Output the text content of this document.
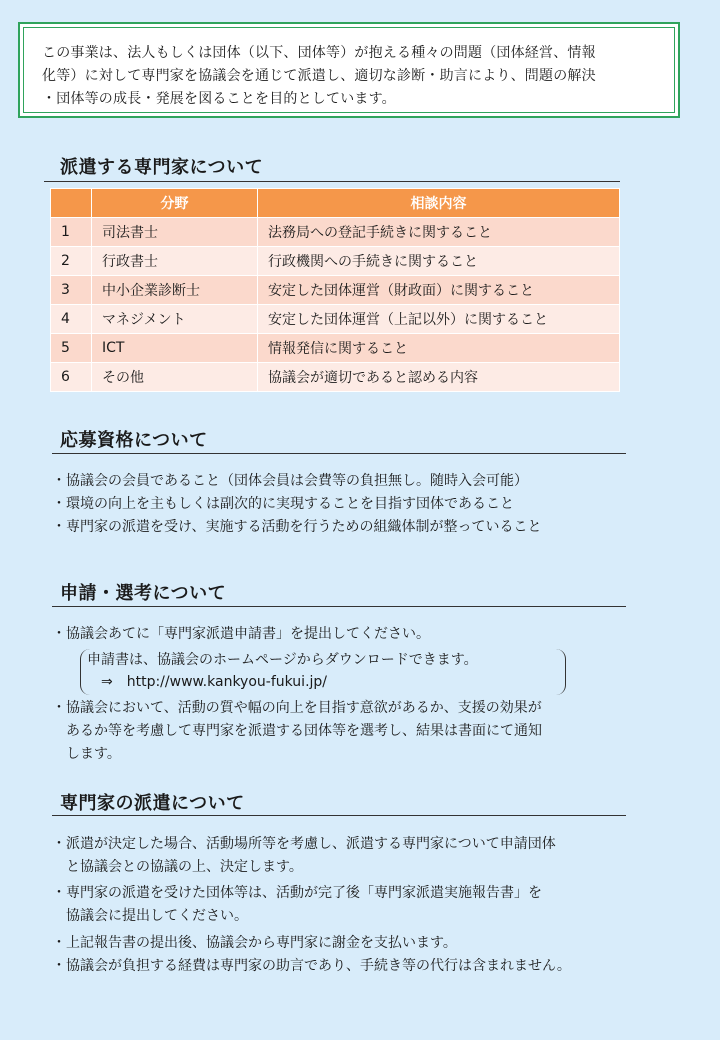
この事業は、法人もしくは団体（以下、団体等）が抱える種々の問題（団体経営、情報
化等）に対して専門家を協議会を通じて派遣し、適切な診断・助言により、問題の解決
・団体等の成長・発展を図ることを目的としています。
派遣する専門家について
	分野	相談内容
1	司法書士	法務局への登記手続きに関すること
2	行政書士	行政機関への手続きに関すること
3	中小企業診断士	安定した団体運営（財政面）に関すること
4	マネジメント	安定した団体運営（上記以外）に関すること
5	ICT	情報発信に関すること
6	その他	協議会が適切であると認める内容
応募資格について
・協議会の会員であること（団体会員は会費等の負担無し。随時入会可能）
・環境の向上を主もしくは副次的に実現することを目指す団体であること
・専門家の派遣を受け、実施する活動を行うための組織体制が整っていること
申請・選考について
・協議会あてに「専門家派遣申請書」を提出してください。
申請書は、協議会のホームページからダウンロードできます。
⇒　http://www.kankyou-fukui.jp/
・協議会において、活動の質や幅の向上を目指す意欲があるか、支援の効果が
　あるか等を考慮して専門家を派遣する団体等を選考し、結果は書面にて通知
　します。
専門家の派遣について
・派遣が決定した場合、活動場所等を考慮し、派遣する専門家について申請団体
　と協議会との協議の上、決定します。
・専門家の派遣を受けた団体等は、活動が完了後「専門家派遣実施報告書」を
　協議会に提出してください。
・上記報告書の提出後、協議会から専門家に謝金を支払います。
・協議会が負担する経費は専門家の助言であり、手続き等の代行は含まれません。
